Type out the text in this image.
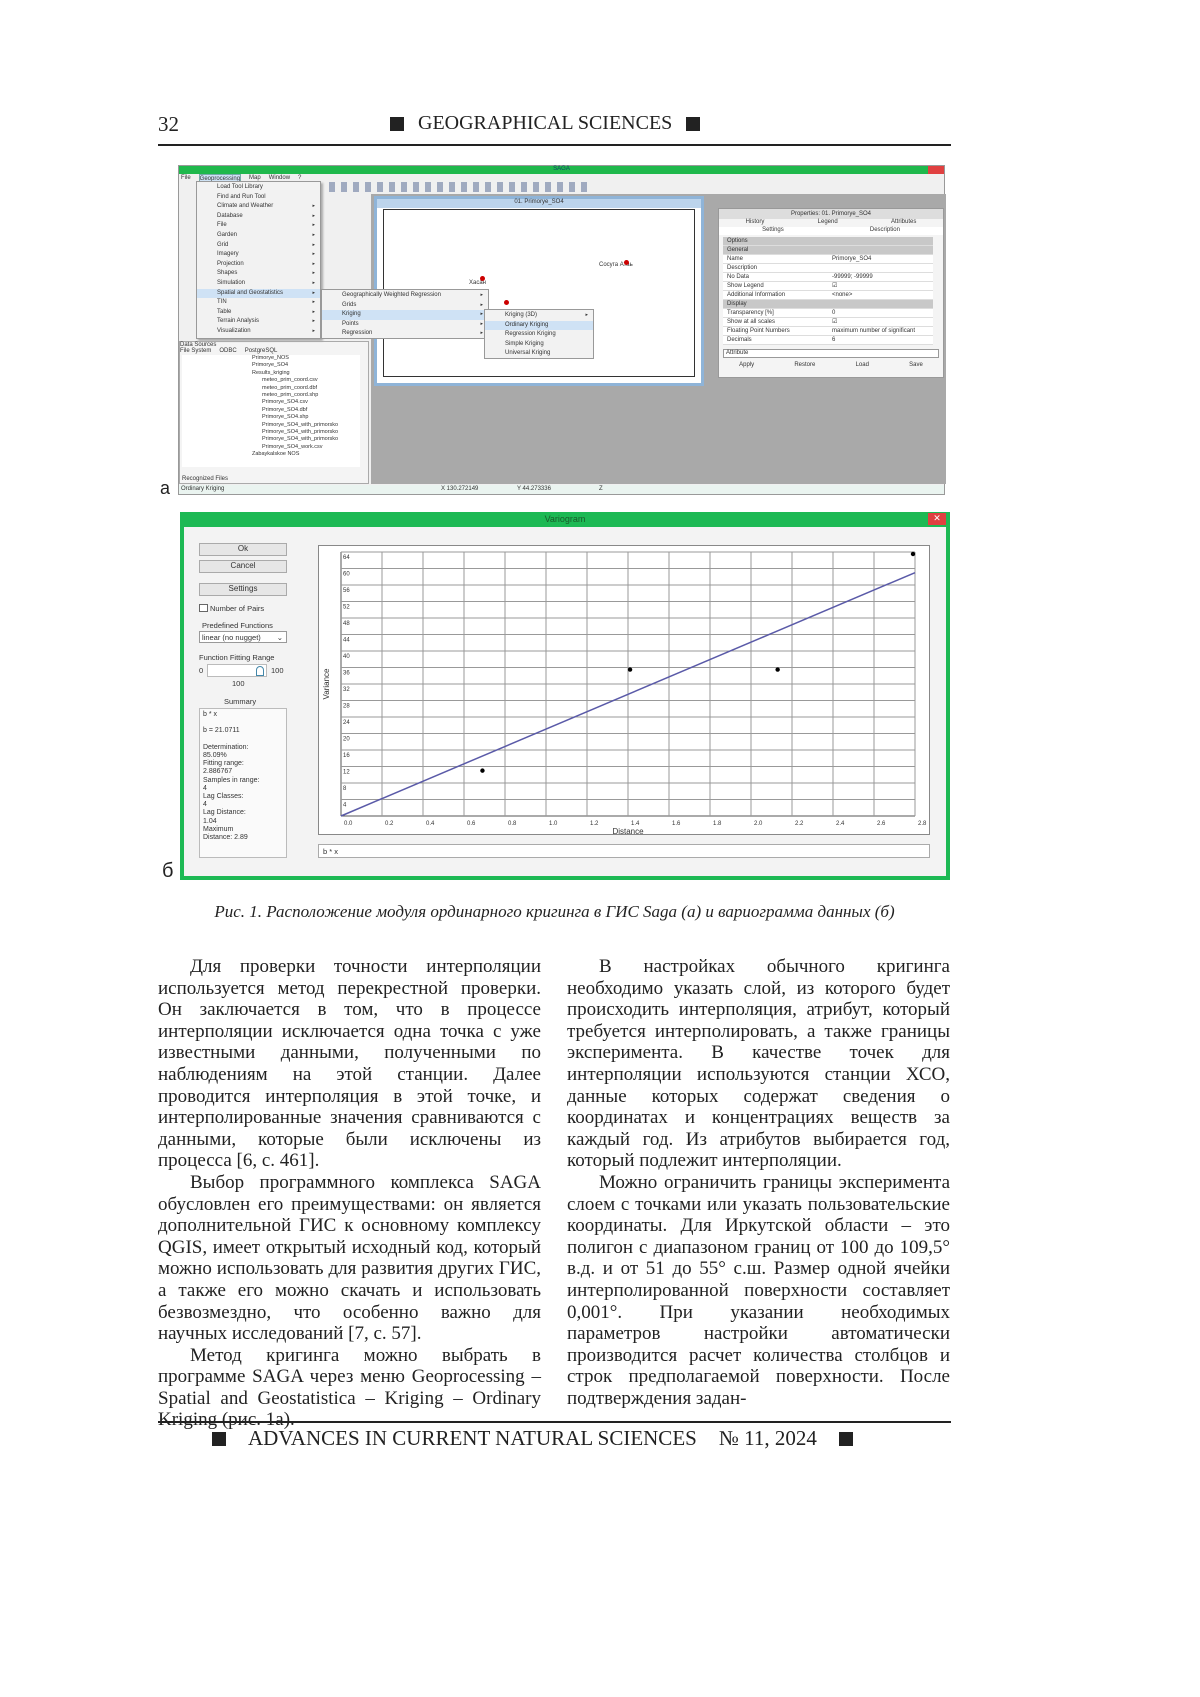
32	GEOGRAPHICAL SCIENCES
а
SAGA
File Geoprocessing Map Window ?
01. Primorye_SO4
Хасан
Сосуга Атаь
Properties: 01. Primorye_SO4
History	Legend	Attributes
Settings	Description
Options
General
Name	Primorye_SO4
Description
No Data	-99999; -99999
Show Legend	☑
Additional Information	<none>
Display
Transparency [%]	0
Show at all scales	☑
Floating Point Numbers	maximum number of significant
Decimals	6
Attribute
Apply	Restore	Load	Save
Data Sources
File System ODBC PostgreSQL
Primorye_NOS
Primorye_SO4
Results_kriging
meteo_prim_coord.csv
meteo_prim_coord.dbf
meteo_prim_coord.shp
Primorye_SO4.csv
Primorye_SO4.dbf
Primorye_SO4.shp
Primorye_SO4_with_primorsko
Primorye_SO4_with_primorsko
Primorye_SO4_with_primorsko
Primorye_SO4_work.csv
Zabaykalskoe NOS
Recognized Files
Load Tool Library
Find and Run Tool
Climate and Weather ▸
Database ▸
File ▸
Garden ▸
Grid ▸
Imagery ▸
Projection ▸
Shapes ▸
Simulation ▸
Spatial and Geostatistics ▸
TIN ▸
Table ▸
Terrain Analysis ▸
Visualization ▸
Geographically Weighted Regression ▸
Grids ▸
Kriging ▸
Points ▸
Regression ▸
Kriging (3D) ▸
Ordinary Kriging
Regression Kriging
Simple Kriging
Universal Kriging
Ordinary Kriging	X 130.272149	Y 44.273336	Z
б
Variogram	✕
Ok
Cancel
Settings
Number of Pairs
Predefined Functions
linear (no nugget) ⌄
Function Fitting Range
0	100
100
Summary
b * x

b = 21.0711

Determination:
85.09%
Fitting range:
2.886767
Samples in range:
4
Lag Classes:
4
Lag Distance:
1.04
Maximum
Distance: 2.89
0.0	0.2	0.4	0.6	0.8	1.0	1.2	1.4	1.6	1.8	2.0	2.2	2.4	2.6	2.8
4
8
12
16
20
24
28
32
36
40
44
48
52
56
60
64
Distance
Variance
b * x
Рис. 1. Расположение модуля ординарного кригинга в ГИС Saga (а) и вариограмма данных (б)

Для проверки точности интерполяции используется метод перекрестной проверки. Он заключается в том, что в процессе интерполяции исключается одна точка с уже известными данными, полученными по наблюдениям на этой станции. Далее проводится интерполяция в этой точке, и интерполированные значения сравниваются с данными, которые были исключены из процесса [6, с. 461].

Выбор программного комплекса SAGA обусловлен его преимуществами: он является дополнительной ГИС к основному комплексу QGIS, имеет открытый исходный код, который можно использовать для развития других ГИС, а также его можно скачать и использовать безвозмездно, что особенно важно для научных исследований [7, с. 57].

Метод кригинга можно выбрать в программе SAGA через меню Geoprocessing – Spatial and Geostatistica – Kriging – Ordinary Kriging (рис. 1а).

В настройках обычного кригинга необходимо указать слой, из которого будет происходить интерполяция, атрибут, который требуется интерполировать, а также границы эксперимента. В качестве точек для интерполяции используются станции ХСО, данные которых содержат сведения о координатах и концентрациях веществ за каждый год. Из атрибутов выбирается год, который подлежит интерполяции.

Можно ограничить границы эксперимента слоем с точками или указать пользовательские координаты. Для Иркутской области – это полигон с диапазоном границ от 100 до 109,5° в.д. и от 51 до 55° с.ш. Размер одной ячейки интерполированной поверхности составляет 0,001°. При указании необходимых параметров настройки автоматически производится расчет количества столбцов и строк предполагаемой поверхности. После подтверждения задан-

ADVANCES IN CURRENT NATURAL SCIENCES № 11, 2024
